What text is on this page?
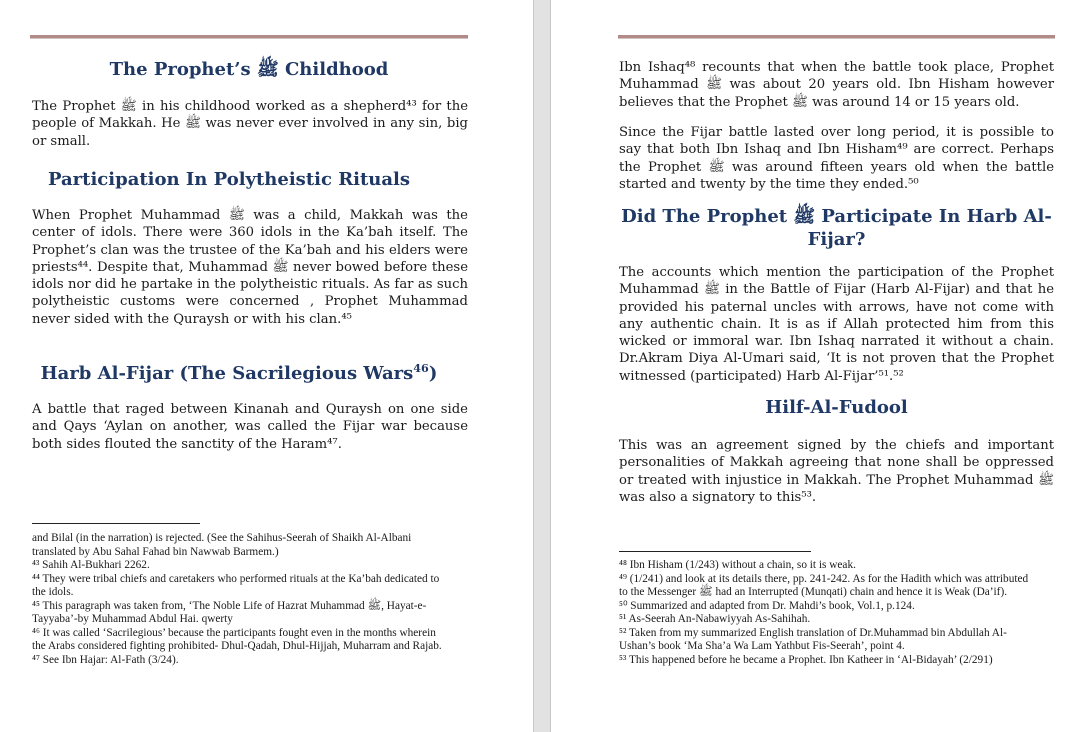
The Prophet’s ﷺ Childhood

The Prophet ﷺ in his childhood worked as a shepherd⁴³ for the people of Makkah. He ﷺ was never ever involved in any sin, big or small.

Participation In Polytheistic Rituals

When Prophet Muhammad ﷺ was a child, Makkah was the center of idols. There were 360 idols in the Ka’bah itself. The Prophet’s clan was the trustee of the Ka’bah and his elders were priests⁴⁴. Despite that, Muhammad ﷺ never bowed before these idols nor did he partake in the polytheistic rituals. As far as such polytheistic customs were concerned , Prophet Muhammad never sided with the Quraysh or with his clan.⁴⁵

Harb Al-Fijar (The Sacrilegious Wars$^{46}$)

A battle that raged between Kinanah and Quraysh on one side and Qays ‘Aylan on another, was called the Fijar war because both sides flouted the sanctity of the Haram⁴⁷.

and Bilal (in the narration) is rejected. (See the Sahihus-Seerah of Shaikh Al-Albani
translated by Abu Sahal Fahad bin Nawwab Barmem.)
⁴³ Sahih Al-Bukhari 2262.
⁴⁴ They were tribal chiefs and caretakers who performed rituals at the Ka’bah dedicated to
the idols.
⁴⁵ This paragraph was taken from, ‘The Noble Life of Hazrat Muhammad ﷺ, Hayat-e-
Tayyaba’-by Muhammad Abdul Hai. qwerty
⁴⁶ It was called ‘Sacrilegious’ because the participants fought even in the months wherein
the Arabs considered fighting prohibited- Dhul-Qadah, Dhul-Hijjah, Muharram and Rajab.
⁴⁷ See Ibn Hajar: Al-Fath (3/24).

Ibn Ishaq⁴⁸ recounts that when the battle took place, Prophet Muhammad ﷺ was about 20 years old. Ibn Hisham however believes that the Prophet ﷺ was around 14 or 15 years old.

Since the Fijar battle lasted over long period, it is possible to say that both Ibn Ishaq and Ibn Hisham⁴⁹ are correct. Perhaps the Prophet ﷺ was around fifteen years old when the battle started and twenty by the time they ended.⁵⁰

Did The Prophet ﷺ Participate In Harb Al-
Fijar?

The accounts which mention the participation of the Prophet Muhammad ﷺ in the Battle of Fijar (Harb Al-Fijar) and that he provided his paternal uncles with arrows, have not come with any authentic chain. It is as if Allah protected him from this wicked or immoral war. Ibn Ishaq narrated it without a chain. Dr.Akram Diya Al-Umari said, ‘It is not proven that the Prophet witnessed (participated) Harb Al-Fijar’⁵¹.⁵²

Hilf-Al-Fudool

This was an agreement signed by the chiefs and important personalities of Makkah agreeing that none shall be oppressed or treated with injustice in Makkah. The Prophet Muhammad ﷺ was also a signatory to this⁵³.

⁴⁸ Ibn Hisham (1/243) without a chain, so it is weak.
⁴⁹ (1/241) and look at its details there, pp. 241-242. As for the Hadith which was attributed
to the Messenger ﷺ had an Interrupted (Munqati) chain and hence it is Weak (Da’if).
⁵⁰ Summarized and adapted from Dr. Mahdi’s book, Vol.1, p.124.
⁵¹ As-Seerah An-Nabawiyyah As-Sahihah.
⁵² Taken from my summarized English translation of Dr.Muhammad bin Abdullah Al-
Ushan’s book ‘Ma Sha’a Wa Lam Yathbut Fis-Seerah’, point 4.
⁵³ This happened before he became a Prophet. Ibn Katheer in ‘Al-Bidayah’ (2/291)
